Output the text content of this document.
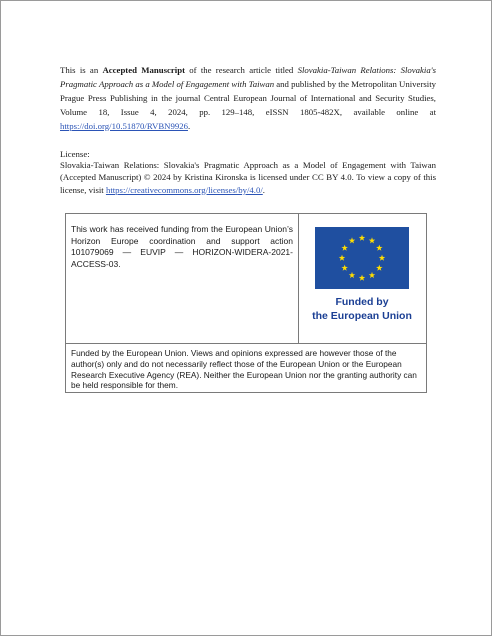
This is an Accepted Manuscript of the research article titled Slovakia-Taiwan Relations: Slovakia's Pragmatic Approach as a Model of Engagement with Taiwan and published by the Metropolitan University Prague Press Publishing in the journal Central European Journal of International and Security Studies, Volume 18, Issue 4, 2024, pp. 129–148, eISSN 1805-482X, available online at https://doi.org/10.51870/RVBN9926.

License:

Slovakia-Taiwan Relations: Slovakia's Pragmatic Approach as a Model of Engagement with Taiwan (Accepted Manuscript) © 2024 by Kristina Kironska is licensed under CC BY 4.0. To view a copy of this license, visit https://creativecommons.org/licenses/by/4.0/.

This work has received funding from the European Union’s Horizon Europe coordination and support action 101079069 — EUVIP — HORIZON-WIDERA-2021-ACCESS-03.
Funded by
the European Union
Funded by the European Union. Views and opinions expressed are however those of the author(s) only and do not necessarily reflect those of the European Union or the European Research Executive Agency (REA). Neither the European Union nor the granting authority can be held responsible for them.
